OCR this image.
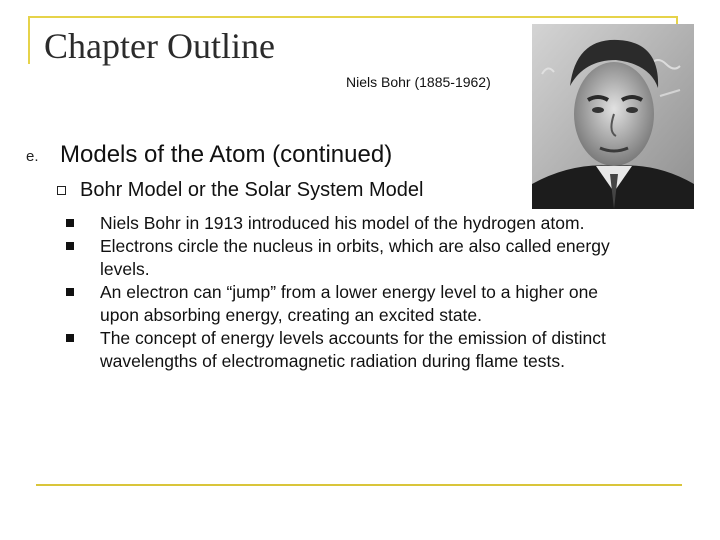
Chapter Outline
Niels Bohr (1885-1962)
e. Models of the Atom (continued)
Bohr Model or the Solar System Model
Niels Bohr in 1913 introduced his model of the hydrogen atom.
Electrons circle the nucleus in orbits, which are also called energy levels.
An electron can “jump” from a lower energy level to a higher one upon absorbing energy, creating an excited state.
The concept of energy levels accounts for the emission of distinct wavelengths of electromagnetic radiation during flame tests.
